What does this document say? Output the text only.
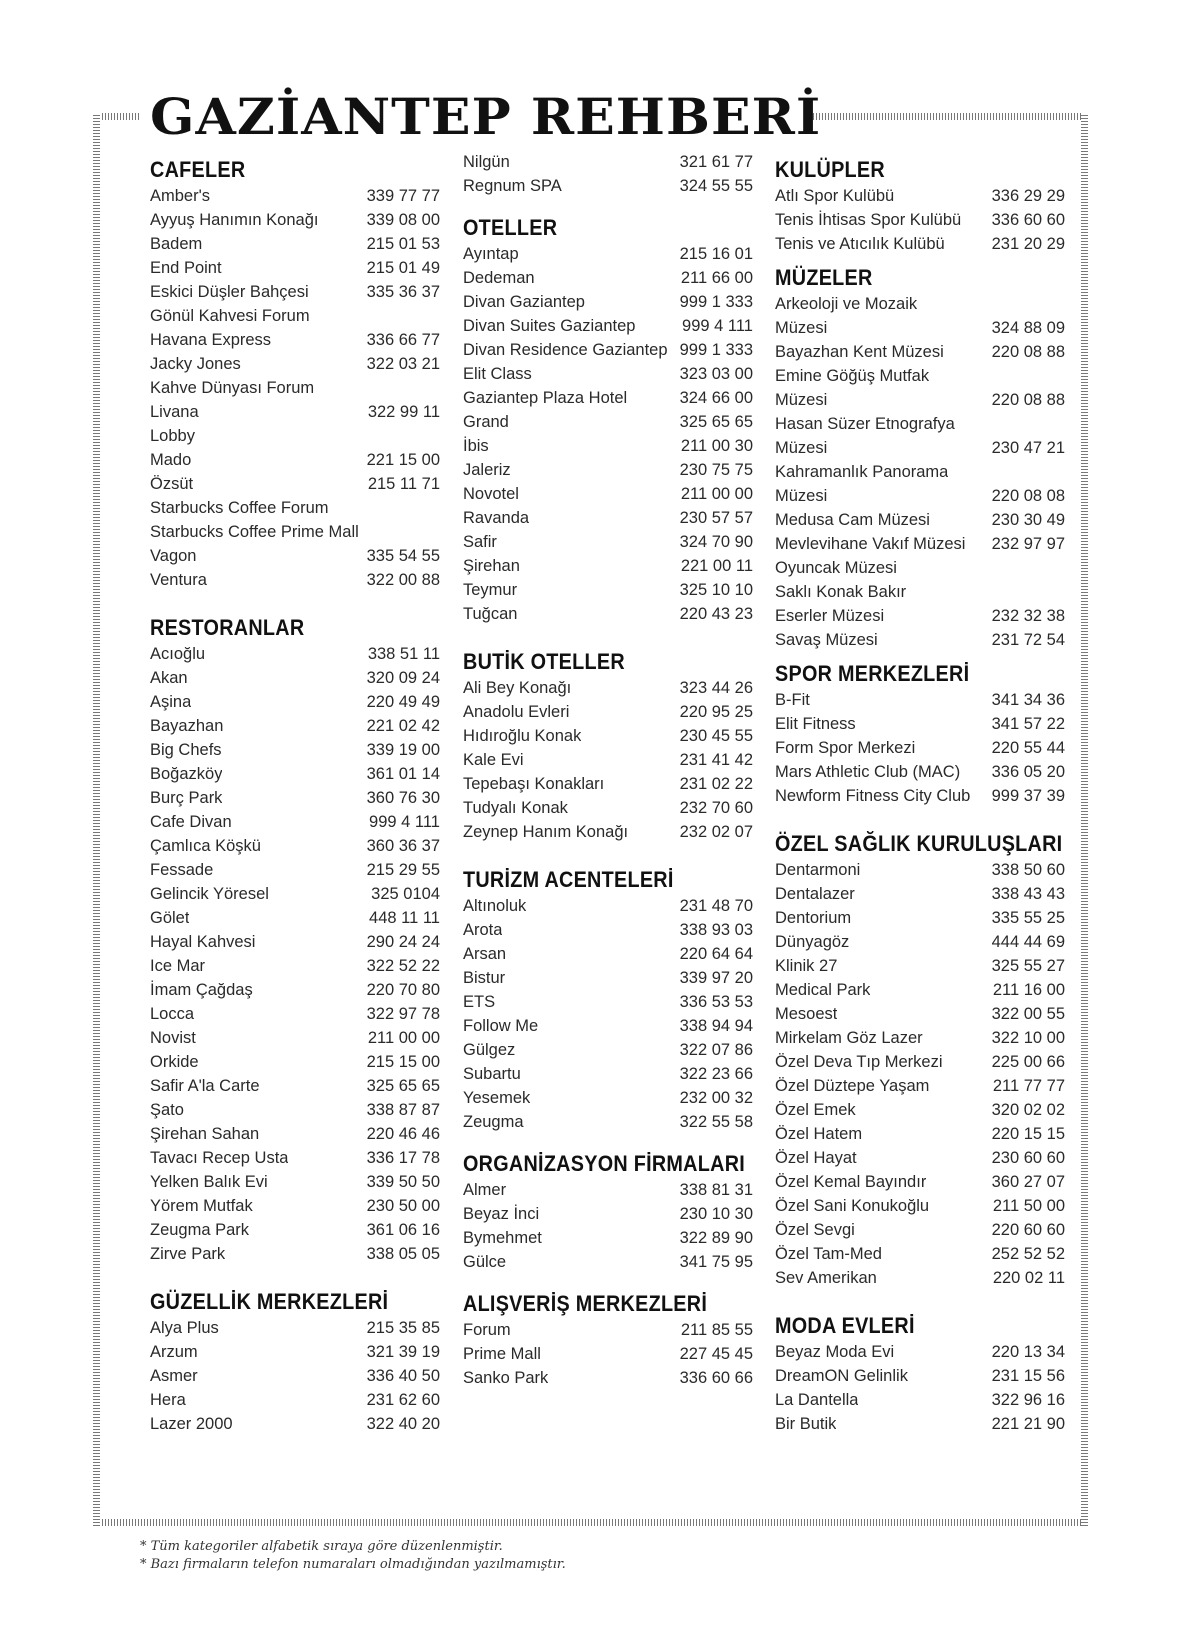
GAZİANTEP REHBERİ
CAFELER
Amber's	339 77 77
Ayyuş Hanımın Konağı	339 08 00
Badem	215 01 53
End Point	215 01 49
Eskici Düşler Bahçesi	335 36 37
Gönül Kahvesi Forum
Havana Express	336 66 77
Jacky Jones	322 03 21
Kahve Dünyası Forum
Livana	322 99 11
Lobby
Mado	221 15 00
Özsüt	215 11 71
Starbucks Coffee Forum
Starbucks Coffee Prime Mall
Vagon	335 54 55
Ventura	322 00 88
RESTORANLAR
Acıoğlu	338 51 11
Akan	320 09 24
Aşina	220 49 49
Bayazhan	221 02 42
Big Chefs	339 19 00
Boğazköy	361 01 14
Burç Park	360 76 30
Cafe Divan	999 4 111
Çamlıca Köşkü	360 36 37
Fessade	215 29 55
Gelincik Yöresel	325 0104
Gölet	448 11 11
Hayal Kahvesi	290 24 24
Ice Mar	322 52 22
İmam Çağdaş	220 70 80
Locca	322 97 78
Novist	211 00 00
Orkide	215 15 00
Safir A'la Carte	325 65 65
Şato	338 87 87
Şirehan Sahan	220 46 46
Tavacı Recep Usta	336 17 78
Yelken Balık Evi	339 50 50
Yörem Mutfak	230 50 00
Zeugma Park	361 06 16
Zirve Park	338 05 05
GÜZELLİK MERKEZLERİ
Alya Plus	215 35 85
Arzum	321 39 19
Asmer	336 40 50
Hera	231 62 60
Lazer 2000	322 40 20
Nilgün	321 61 77
Regnum SPA	324 55 55
OTELLER
Ayıntap	215 16 01
Dedeman	211 66 00
Divan Gaziantep	999 1 333
Divan Suites Gaziantep	999 4 111
Divan Residence Gaziantep 999 1 333
Elit Class	323 03 00
Gaziantep Plaza Hotel	324 66 00
Grand	325 65 65
İbis	211 00 30
Jaleriz	230 75 75
Novotel	211 00 00
Ravanda	230 57 57
Safir	324 70 90
Şirehan	221 00 11
Teymur	325 10 10
Tuğcan	220 43 23
BUTİK OTELLER
Ali Bey Konağı	323 44 26
Anadolu Evleri	220 95 25
Hıdıroğlu Konak	230 45 55
Kale Evi	231 41 42
Tepebaşı Konakları	231 02 22
Tudyalı Konak	232 70 60
Zeynep Hanım Konağı	232 02 07
TURİZM ACENTELERİ
Altınoluk	231 48 70
Arota	338 93 03
Arsan	220 64 64
Bistur	339 97 20
ETS	336 53 53
Follow Me	338 94 94
Gülgez	322 07 86
Subartu	322 23 66
Yesemek	232 00 32
Zeugma	322 55 58
ORGANİZASYON FİRMALARI
Almer	338 81 31
Beyaz İnci	230 10 30
Bymehmet	322 89 90
Gülce	341 75 95
ALIŞVERİŞ MERKEZLERİ
Forum	211 85 55
Prime Mall	227 45 45
Sanko Park	336 60 66
KULÜPLER
Atlı Spor Kulübü	336 29 29
Tenis İhtisas Spor Kulübü 336 60 60
Tenis ve Atıcılık Kulübü	231 20 29
MÜZELER
Arkeoloji ve Mozaik
Müzesi	324 88 09
Bayazhan Kent Müzesi	220 08 88
Emine Göğüş Mutfak
Müzesi	220 08 88
Hasan Süzer Etnografya
Müzesi	230 47 21
Kahramanlık Panorama
Müzesi	220 08 08
Medusa Cam Müzesi	230 30 49
Mevlevihane Vakıf Müzesi 232 97 97
Oyuncak Müzesi
Saklı Konak Bakır
Eserler Müzesi	232 32 38
Savaş Müzesi	231 72 54
SPOR MERKEZLERİ
B-Fit	341 34 36
Elit Fitness	341 57 22
Form Spor Merkezi	220 55 44
Mars Athletic Club (MAC) 336 05 20
Newform Fitness City Club 999 37 39
ÖZEL SAĞLIK KURULUŞLARI
Dentarmoni	338 50 60
Dentalazer	338 43 43
Dentorium	335 55 25
Dünyagöz	444 44 69
Klinik 27	325 55 27
Medical Park	211 16 00
Mesoest	322 00 55
Mirkelam Göz Lazer	322 10 00
Özel Deva Tıp Merkezi	225 00 66
Özel Düztepe Yaşam	211 77 77
Özel Emek	320 02 02
Özel Hatem	220 15 15
Özel Hayat	230 60 60
Özel Kemal Bayındır	360 27 07
Özel Sani Konukoğlu	211 50 00
Özel Sevgi	220 60 60
Özel Tam-Med	252 52 52
Sev Amerikan	220 02 11
MODA EVLERİ
Beyaz Moda Evi	220 13 34
DreamON Gelinlik	231 15 56
La Dantella	322 96 16
Bir Butik	221 21 90
* Tüm kategoriler alfabetik sıraya göre düzenlenmiştir.
* Bazı firmaların telefon numaraları olmadığından yazılmamıştır.
